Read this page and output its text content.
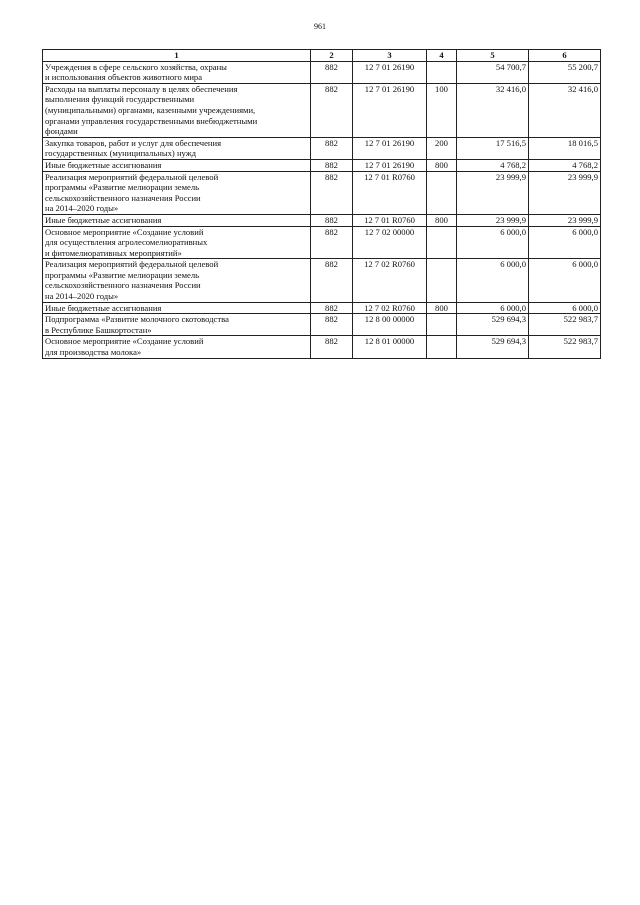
961
1	2	3	4	5	6
Учреждения в сфере сельского хозяйства, охраны
и использования объектов животного мира	882	12 7 01 26190		54 700,7	55 200,7
Расходы на выплаты персоналу в целях обеспечения
выполнения функций государственными
(муниципальными) органами, казенными учреждениями,
органами управления государственными внебюджетными
фондами	882	12 7 01 26190	100	32 416,0	32 416,0
Закупка товаров, работ и услуг для обеспечения
государственных (муниципальных) нужд	882	12 7 01 26190	200	17 516,5	18 016,5
Иные бюджетные ассигнования	882	12 7 01 26190	800	4 768,2	4 768,2
Реализация мероприятий федеральной целевой
программы «Развитие мелиорации земель
сельскохозяйственного назначения России
на 2014–2020 годы»	882	12 7 01 R0760		23 999,9	23 999,9
Иные бюджетные ассигнования	882	12 7 01 R0760	800	23 999,9	23 999,9
Основное мероприятие «Создание условий
для осуществления агролесомелиоративных
и фитомелиоративных мероприятий»	882	12 7 02 00000		6 000,0	6 000,0
Реализация мероприятий федеральной целевой
программы «Развитие мелиорации земель
сельскохозяйственного назначения России
на 2014–2020 годы»	882	12 7 02 R0760		6 000,0	6 000,0
Иные бюджетные ассигнования	882	12 7 02 R0760	800	6 000,0	6 000,0
Подпрограмма «Развитие молочного скотоводства
в Республике Башкортостан»	882	12 8 00 00000		529 694,3	522 983,7
Основное мероприятие «Создание условий
для производства молока»	882	12 8 01 00000		529 694,3	522 983,7
